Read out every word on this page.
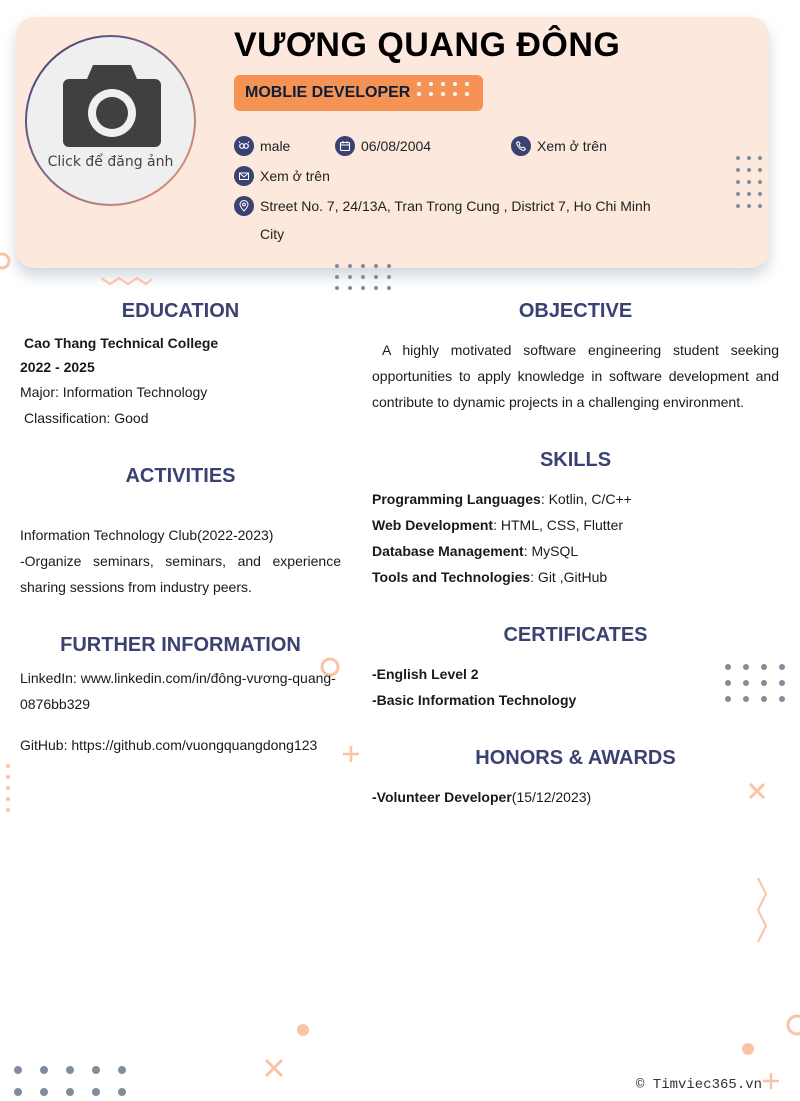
Click để đăng ảnh
VƯƠNG QUANG ĐÔNG
MOBLIE DEVELOPER
male	06/08/2004	Xem ở trên
Xem ở trên
Street No. 7, 24/13A, Tran Trong Cung , District 7, Ho Chi Minh
City
EDUCATION
Cao Thang Technical College
2022 - 2025
Major: Information Technology
Classification: Good
ACTIVITIES
Information Technology Club(2022-2023)
-Organize seminars, seminars, and experience sharing sessions from industry peers.
FURTHER INFORMATION
LinkedIn: www.linkedin.com/in/đông-vương-quang-0876bb329
GitHub: https://github.com/vuongquangdong123
OBJECTIVE
A highly motivated software engineering student seeking opportunities to apply knowledge in software development and contribute to dynamic projects in a challenging environment.
SKILLS
Programming Languages: Kotlin, C/C++
Web Development: HTML, CSS, Flutter
Database Management: MySQL
Tools and Technologies: Git ,GitHub
CERTIFICATES
-English Level 2
-Basic Information Technology
HONORS & AWARDS
-Volunteer Developer(15/12/2023)
© Timviec365.vn
